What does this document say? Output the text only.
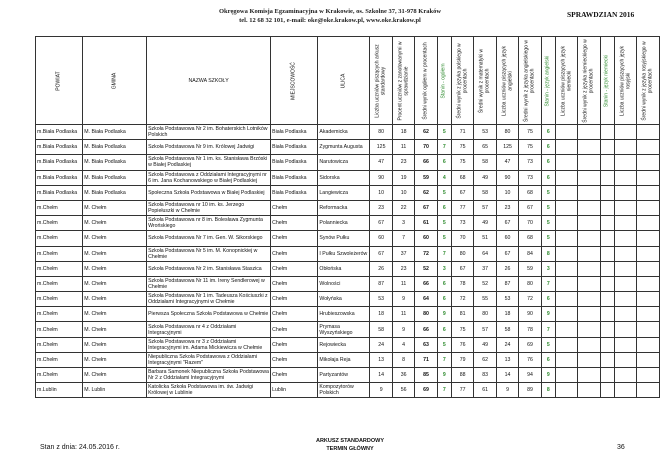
Okręgowa Komisja Egzaminacyjna w Krakowie, os. Szkolne 37, 31-978 Kraków
tel. 12 68 32 101, e-mail: oke@oke.krakow.pl, www.oke.krakow.pl
SPRAWDZIAN 2016
POWIAT	GMINA	NAZWA SZKOŁY	MIEJSCOWOŚĆ	ULICA	Liczba uczniów piszących arkusz standardowy	Procent uczniów z zanotowanymi w sprawdzianie	Średni wynik ogółem w procentach	Stanin - ogółem	Średni wynik z języka polskiego w procentach	Średni wynik z matematyki w procentach	Liczba uczniów piszących język angielski	Średni wynik z języka angielskiego w procentach	Stanin - język angielski	Liczba uczniów piszących język niemiecki	Średni wynik z języka niemieckiego w procentach	Stanin - język niemiecki	Liczba uczniów piszących język rosyjski	Średni wynik z języka rosyjskiego w procentach

m.Biała Podlaska	M. Biała Podlaska	Szkoła Podstawowa Nr 2 im. Bohaterskich Lotników Polskich	Biała Podlaska	Akademicka	80	18	62	5	71	53	80	75	6					
m.Biała Podlaska	M. Biała Podlaska	Szkoła Podstawowa Nr 9 im. Królowej Jadwigi	Biała Podlaska	Zygmunta Augusta	125	11	70	7	75	65	125	75	6					
m.Biała Podlaska	M. Biała Podlaska	Szkoła Podstawowa Nr 1 im. ks. Stanisława Brzóski w Białej Podlaskiej	Biała Podlaska	Narutowicza	47	23	66	6	75	58	47	73	6					
m.Biała Podlaska	M. Biała Podlaska	Szkoła Podstawowa z Oddziałami Integracyjnymi nr 6 im. Jana Kochanowskiego w Białej Podlaskiej	Biała Podlaska	Sidorska	90	19	59	4	68	49	90	73	6					
m.Biała Podlaska	M. Biała Podlaska	Społeczna Szkoła Podstawowa w Białej Podlaskiej	Biała Podlaska	Langiewicza	10	10	62	5	67	58	10	68	5					
m.Chełm	M. Chełm	Szkoła Podstawowa nr 10 im. ks. Jerzego Popiełuszki w Chełmie	Chełm	Reformacka	23	22	67	6	77	57	23	67	5					
m.Chełm	M. Chełm	Szkoła Podstawowa nr 8 im. Bolesława Zygmunta Wrońskiego	Chełm	Polanniecka	67	3	61	5	73	49	67	70	5					
m.Chełm	M. Chełm	Szkoła Podstawowa Nr 7 im. Gen. W. Sikorskiego	Chełm	Synów Pułku	60	7	60	5	70	51	60	68	5					
m.Chełm	M. Chełm	Szkoła Podstawowa Nr 5 im. M. Konopnickiej w Chełmie	Chełm	I Pułku Szwoleżerów	67	37	72	7	80	64	67	84	8					
m.Chełm	M. Chełm	Szkoła Podstawowa Nr 2 im. Stanisława Staszica	Chełm	Obłońska	26	23	52	3	67	37	26	59	3					
m.Chełm	M. Chełm	Szkoła Podstawowa Nr 11 im. Ireny Sendlerowej w Chełmie	Chełm	Wolności	87	11	66	6	78	52	87	80	7					
m.Chełm	M. Chełm	Szkoła Podstawowa Nr 1 im. Tadeusza Kościuszki z Oddziałami Integracyjnymi w Chełmie	Chełm	Wołyńska	53	9	64	6	72	55	53	72	6					
m.Chełm	M. Chełm	Pierwsza Społeczna Szkoła Podstawowa w Chełmie	Chełm	Hrubieszowska	18	11	80	9	81	80	18	90	9					
m.Chełm	M. Chełm	Szkoła Podstawowa nr 4 z Oddziałami Integracyjnymi	Chełm	Prymasa Wyszyńskiego	58	9	66	6	75	57	58	78	7					
m.Chełm	M. Chełm	Szkoła Podstawowa nr 3 z Oddziałami Integracyjnymi im. Adama Mickiewicza w Chełmie	Chełm	Rejowiecka	24	4	63	5	76	49	24	69	5					
m.Chełm	M. Chełm	Niepubliczna Szkoła Podstawowa z Oddziałami Integracyjnymi "Razem"	Chełm	Mikołaja Reja	13	8	71	7	79	62	13	76	6					
m.Chełm	M. Chełm	Barbara Samonek Niepubliczna Szkoła Podstawowa Nr 2 z Oddziałami Integracyjnymi	Chełm	Partyzantów	14	36	85	9	88	83	14	94	9					
m.Lublin	M. Lublin	Katolicka Szkoła Podstawowa im. św. Jadwigi Królowej w Lublinie	Lublin	Kompozytorów Polskich	9	56	69	7	77	61	9	89	8					
Stan z dnia: 24.05.2016 r.
ARKUSZ STANDARDOWY
TERMIN GŁÓWNY	36
